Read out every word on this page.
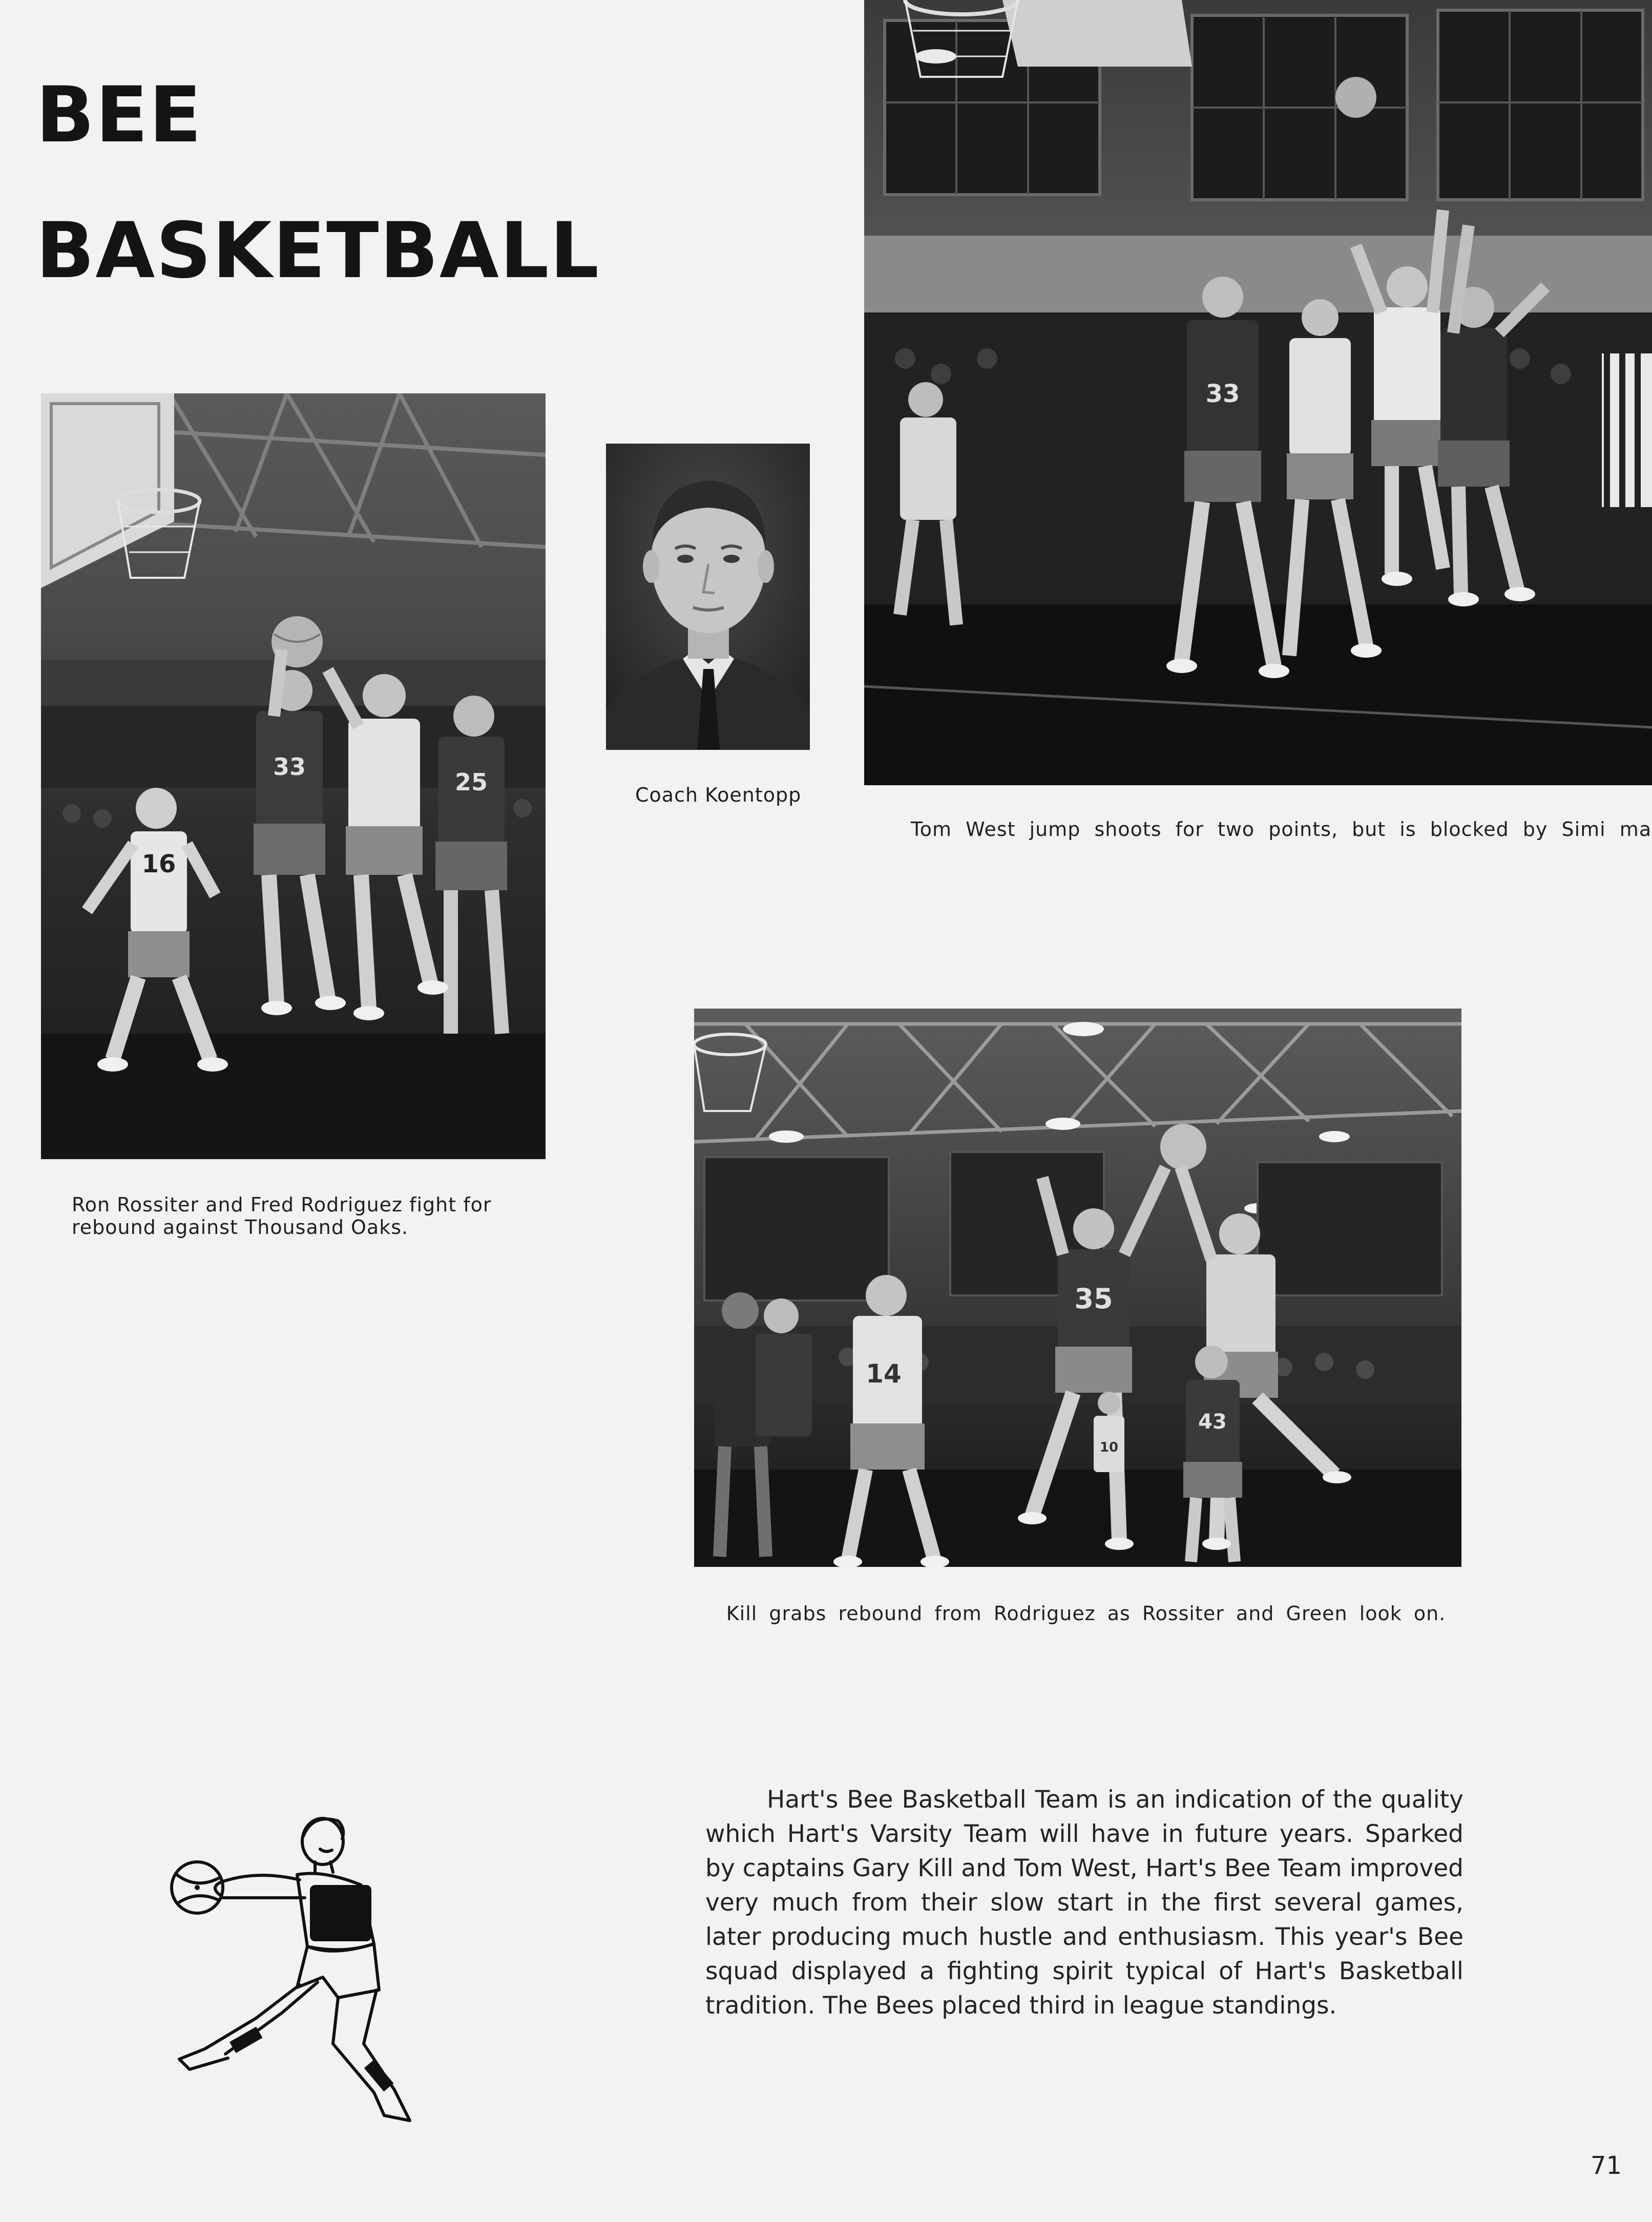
BEE
BASKETBALL
16
33
25

Ron Rossiter and Fred Rodriguez fight for rebound against Thousand Oaks.

Coach Koentopp

33

Tom West jump shoots for two points, but is blocked by Simi ma

35
14
43
10

Kill grabs rebound from Rodriguez as Rossiter and Green look on.

Hart's Bee Basketball Team is an indication of the quality which Hart's Varsity Team will have in future years. Sparked by captains Gary Kill and Tom West, Hart's Bee Team improved very much from their slow start in the first several games, later producing much hustle and enthusiasm. This year's Bee squad displayed a fighting spirit typical of Hart's Basketball tradition. The Bees placed third in league standings.

71
